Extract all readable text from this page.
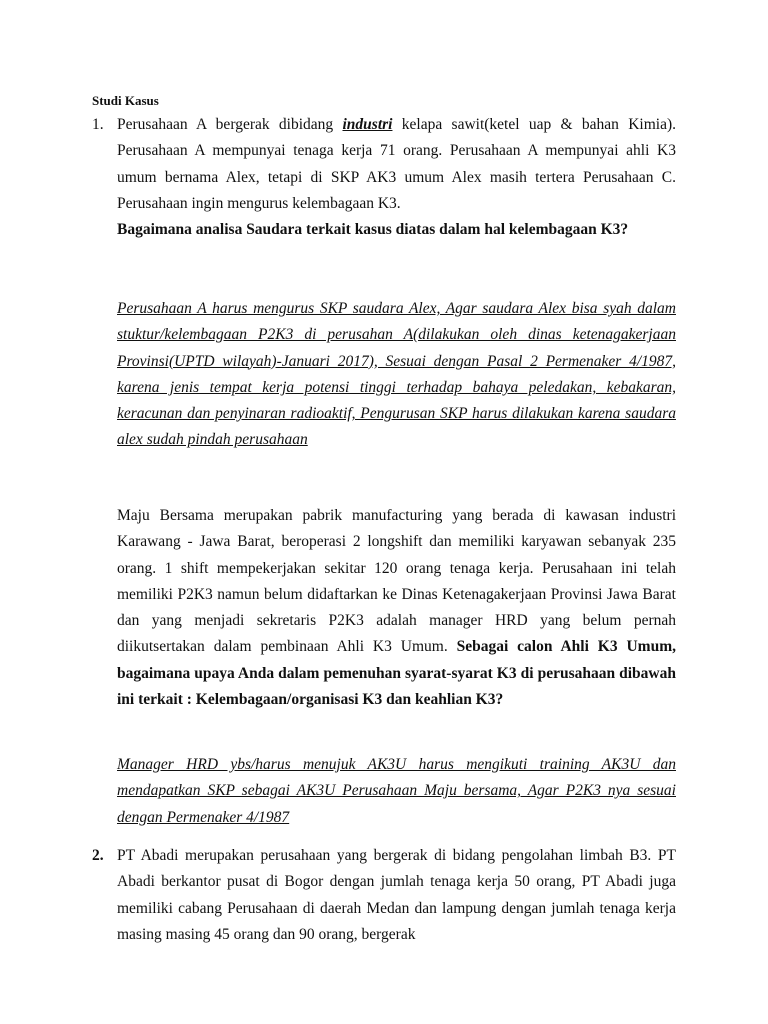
Studi Kasus
1. Perusahaan A bergerak dibidang industri kelapa sawit(ketel uap & bahan Kimia). Perusahaan A mempunyai tenaga kerja 71 orang. Perusahaan A mempunyai ahli K3 umum bernama Alex, tetapi di SKP AK3 umum Alex masih tertera Perusahaan C. Perusahaan ingin mengurus kelembagaan K3.

Bagaimana analisa Saudara terkait kasus diatas dalam hal kelembagaan K3?

Perusahaan A harus mengurus SKP saudara Alex, Agar saudara Alex bisa syah dalam stuktur/kelembagaan P2K3 di perusahan A(dilakukan oleh dinas ketenagakerjaan Provinsi(UPTD wilayah)-Januari 2017), Sesuai dengan Pasal 2 Permenaker 4/1987, karena jenis tempat kerja potensi tinggi terhadap bahaya peledakan, kebakaran, keracunan dan penyinaran radioaktif, Pengurusan SKP harus dilakukan karena saudara alex sudah pindah perusahaan

Maju Bersama merupakan pabrik manufacturing yang berada di kawasan industri Karawang - Jawa Barat, beroperasi 2 longshift dan memiliki karyawan sebanyak 235 orang. 1 shift mempekerjakan sekitar 120 orang tenaga kerja. Perusahaan ini telah memiliki P2K3 namun belum didaftarkan ke Dinas Ketenagakerjaan Provinsi Jawa Barat dan yang menjadi sekretaris P2K3 adalah manager HRD yang belum pernah diikutsertakan dalam pembinaan Ahli K3 Umum. Sebagai calon Ahli K3 Umum, bagaimana upaya Anda dalam pemenuhan syarat-syarat K3 di perusahaan dibawah ini terkait : Kelembagaan/organisasi K3 dan keahlian K3?

Manager HRD ybs/harus menujuk AK3U harus mengikuti training AK3U dan mendapatkan SKP sebagai AK3U Perusahaan Maju bersama, Agar P2K3 nya sesuai dengan Permenaker 4/1987

2. PT Abadi merupakan perusahaan yang bergerak di bidang pengolahan limbah B3. PT Abadi berkantor pusat di Bogor dengan jumlah tenaga kerja 50 orang, PT Abadi juga memiliki cabang Perusahaan di daerah Medan dan lampung dengan jumlah tenaga kerja masing masing 45 orang dan 90 orang, bergerak
